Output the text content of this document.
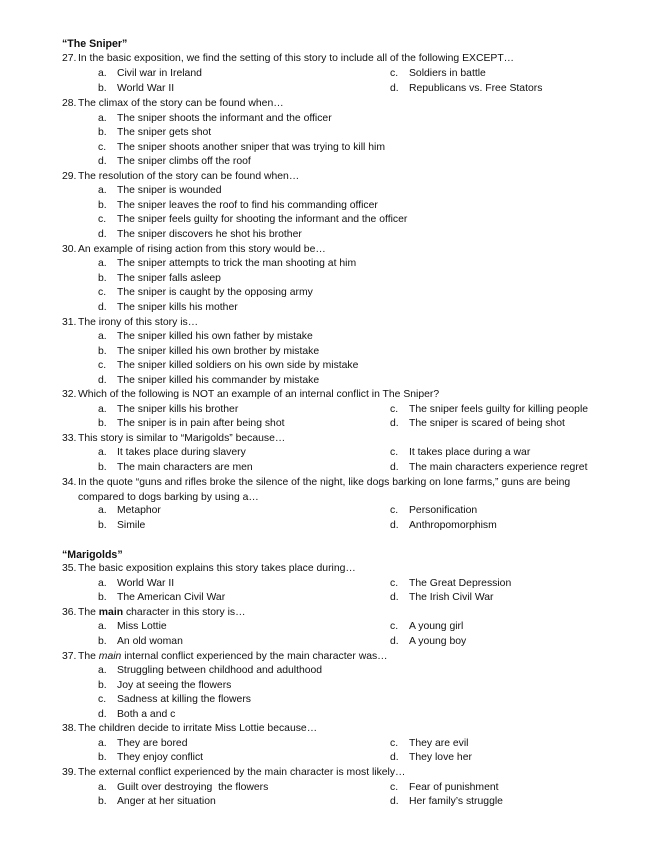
“The Sniper”
27. In the basic exposition, we find the setting of this story to include all of the following EXCEPT…
a. Civil war in Ireland
b. World War II
c. Soldiers in battle
d. Republicans vs. Free Stators
28. The climax of the story can be found when…
a. The sniper shoots the informant and the officer
b. The sniper gets shot
c. The sniper shoots another sniper that was trying to kill him
d. The sniper climbs off the roof
29. The resolution of the story can be found when…
a. The sniper is wounded
b. The sniper leaves the roof to find his commanding officer
c. The sniper feels guilty for shooting the informant and the officer
d. The sniper discovers he shot his brother
30. An example of rising action from this story would be…
a. The sniper attempts to trick the man shooting at him
b. The sniper falls asleep
c. The sniper is caught by the opposing army
d. The sniper kills his mother
31. The irony of this story is…
a. The sniper killed his own father by mistake
b. The sniper killed his own brother by mistake
c. The sniper killed soldiers on his own side by mistake
d. The sniper killed his commander by mistake
32. Which of the following is NOT an example of an internal conflict in The Sniper?
a. The sniper kills his brother
b. The sniper is in pain after being shot
c. The sniper feels guilty for killing people
d. The sniper is scared of being shot
33. This story is similar to “Marigolds” because…
a. It takes place during slavery
b. The main characters are men
c. It takes place during a war
d. The main characters experience regret
34. In the quote “guns and rifles broke the silence of the night, like dogs barking on lone farms,” guns are being
compared to dogs barking by using a…
a. Metaphor
b. Simile
c. Personification
d. Anthropomorphism
“Marigolds”
35. The basic exposition explains this story takes place during…
a. World War II
b. The American Civil War
c. The Great Depression
d. The Irish Civil War
36. The main character in this story is…
a. Miss Lottie
b. An old woman
c. A young girl
d. A young boy
37. The main internal conflict experienced by the main character was…
a. Struggling between childhood and adulthood
b. Joy at seeing the flowers
c. Sadness at killing the flowers
d. Both a and c
38. The children decide to irritate Miss Lottie because…
a. They are bored
b. They enjoy conflict
c. They are evil
d. They love her
39. The external conflict experienced by the main character is most likely…
a. Guilt over destroying  the flowers
b. Anger at her situation
c. Fear of punishment
d. Her family’s struggle
